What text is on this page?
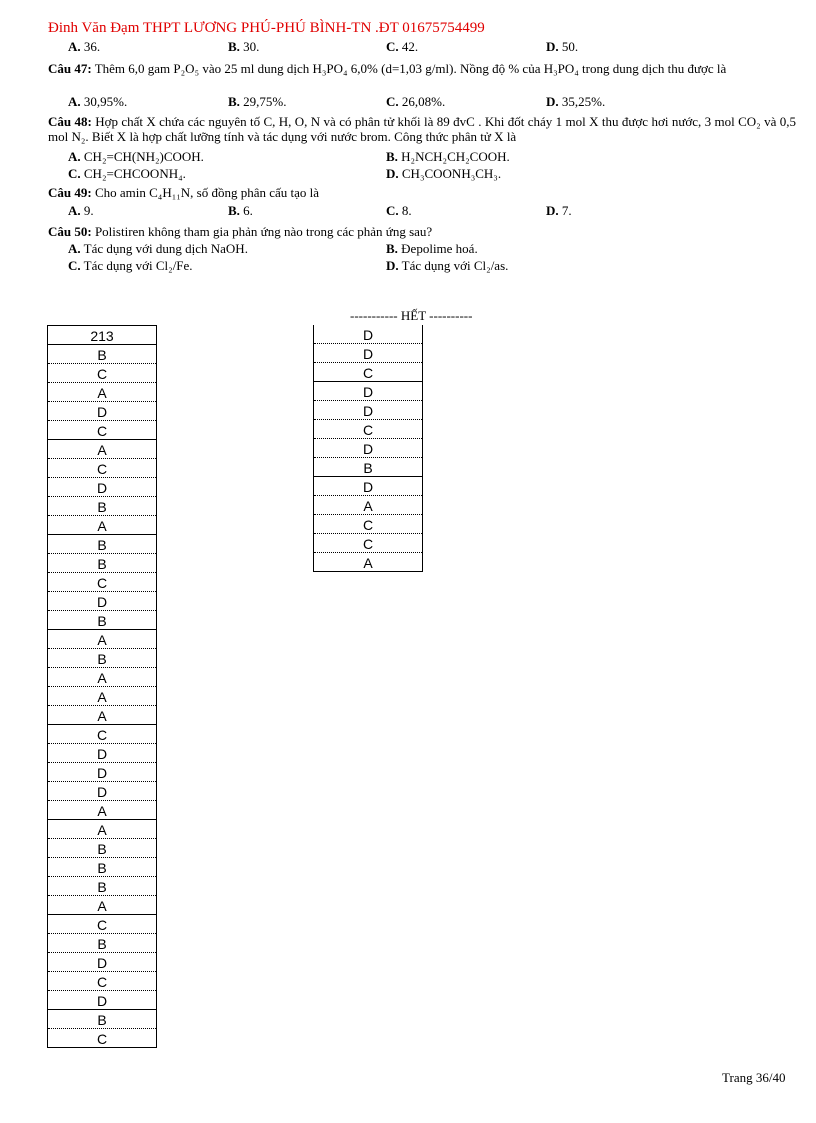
Đinh Văn Đạm THPT LƯƠNG PHÚ-PHÚ BÌNH-TN .ĐT 01675754499
A. 36.	B. 30.	C. 42.	D. 50.
Câu 47: Thêm 6,0 gam P₂O₅ vào 25 ml dung dịch H₃PO₄ 6,0% (d=1,03 g/ml). Nồng độ % của H₃PO₄ trong dung dịch thu được là
A. 30,95%.	B. 29,75%.	C. 26,08%.	D. 35,25%.
Câu 48: Hợp chất X chứa các nguyên tố C, H, O, N và có phân tử khối là 89 đvC . Khi đốt cháy 1 mol X thu được hơi nước, 3 mol CO₂ và 0,5 mol N₂. Biết X là hợp chất lưỡng tính và tác dụng với nước brom. Công thức phân tử X là
A. CH₂=CH(NH₂)COOH.	B. H₂NCH₂CH₂COOH.
C. CH₂=CHCOONH₄.	D. CH₃COONH₃CH₃.
Câu 49: Cho amin C₄H₁₁N, số đồng phân cấu tạo là
A. 9.	B. 6.	C. 8.	D. 7.
Câu 50: Polistiren không tham gia phản ứng nào trong các phản ứng sau?
A. Tác dụng với dung dịch NaOH.	B. Đepolime hoá.
C. Tác dụng với Cl₂/Fe.	D. Tác dụng với Cl₂/as.
----------- HẾT ----------
213
B
C
A
D
C
A
C
D
B
A
B
B
C
D
B
A
B
A
A
A
C
D
D
D
A
A
B
B
B
A
C
B
D
C
D
B
C
D
D
C
D
D
C
D
B
D
A
C
C
A
Trang 36/40
